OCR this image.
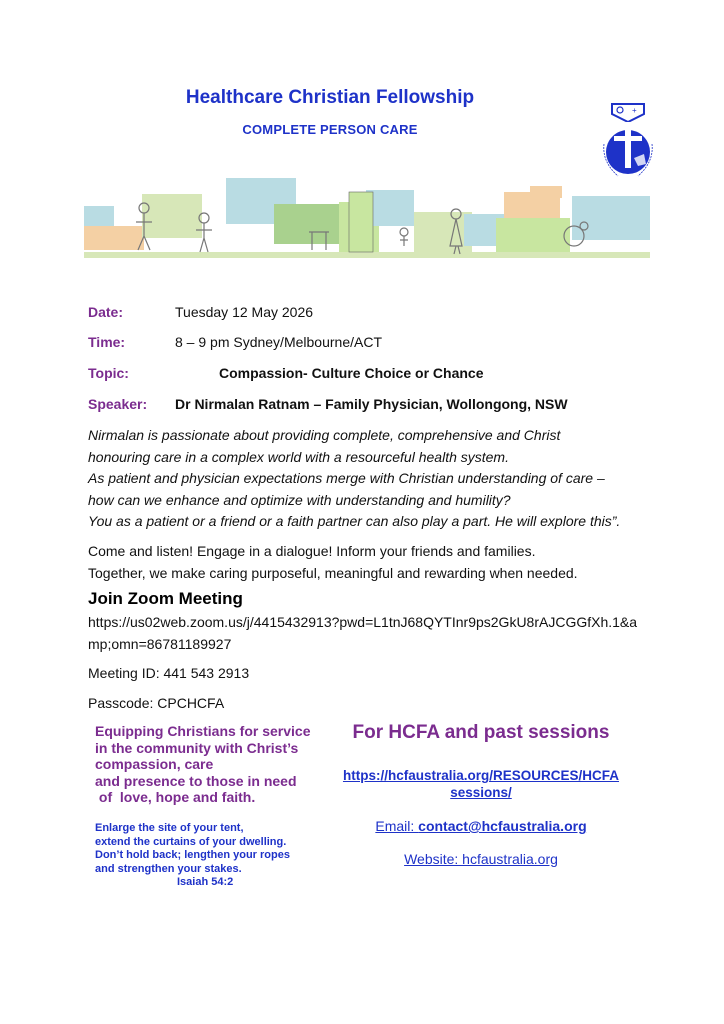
Healthcare Christian Fellowship
COMPLETE PERSON CARE
+
Date:	Tuesday 12 May 2026
Time:	8 – 9 pm Sydney/Melbourne/ACT
Topic:	Compassion- Culture Choice or Chance
Speaker: Dr Nirmalan Ratnam – Family Physician, Wollongong, NSW
Nirmalan is passionate about providing complete, comprehensive and Christ
honouring care in a complex world with a resourceful health system.
As patient and physician expectations merge with Christian understanding of care –
how can we enhance and optimize with understanding and humility?
You as a patient or a friend or a faith partner can also play a part. He will explore this”.
Come and listen! Engage in a dialogue! Inform your friends and families.
Together, we make caring purposeful, meaningful and rewarding when needed.
Join Zoom Meeting
https://us02web.zoom.us/j/4415432913?pwd=L1tnJ68QYTInr9ps2GkU8rAJCGGfXh.1&amp;omn=86781189927
Meeting ID: 441 543 2913
Passcode: CPCHCFA
Equipping Christians for service
in the community with Christ’s
compassion, care
and presence to those in need
of  love, hope and faith.
Enlarge the site of your tent,
extend the curtains of your dwelling.
Don’t hold back; lengthen your ropes
and strengthen your stakes.
Isaiah 54:2
For HCFA and past sessions
https://hcfaustralia.org/RESOURCES/HCFA
sessions/
Email: contact@hcfaustralia.org
Website: hcfaustralia.org
